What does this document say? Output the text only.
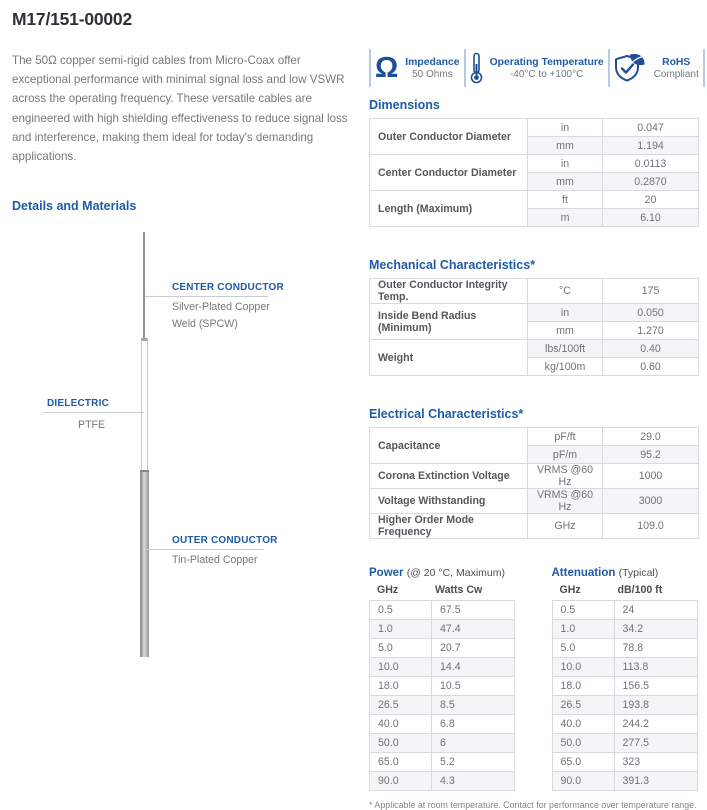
M17/151-00002

The 50Ω copper semi-rigid cables from Micro-Coax offer exceptional performance with minimal signal loss and low VSWR across the operating frequency. These versatile cables are engineered with high shielding effectiveness to reduce signal loss and interference, making them ideal for today's demanding applications.

Details and Materials
CENTER CONDUCTOR
Silver-Plated Copper Weld (SPCW)
DIELECTRIC
PTFE
OUTER CONDUCTOR
Tin-Plated Copper
Ω Impedance
50 Ohms
Operating Temperature
-40°C to +100°C
RoHS
Compliant
Dimensions
Outer Conductor Diameter	in	0.047
	mm	1.194
Center Conductor Diameter	in	0.0113
	mm	0.2870
Length (Maximum)	ft	20
	m	6.10
Mechanical Characteristics*
Outer Conductor Integrity Temp.	°C	175
Inside Bend Radius (Minimum)	in	0.050
	mm	1.270
Weight	lbs/100ft	0.40
	kg/100m	0.60
Electrical Characteristics*
Capacitance	pF/ft	29.0
	pF/m	95.2
Corona Extinction Voltage	VRMS @60 Hz	1000
Voltage Withstanding	VRMS @60 Hz	3000
Higher Order Mode Frequency	GHz	109.0
Power (@ 20 °C, Maximum)
GHz	Watts Cw
0.5	67.5
1.0	47.4
5.0	20.7
10.0	14.4
18.0	10.5
26.5	8.5
40.0	6.8
50.0	6
65.0	5.2
90.0	4.3
Attenuation (Typical)
GHz	dB/100 ft
0.5	24
1.0	34.2
5.0	78.8
10.0	113.8
18.0	156.5
26.5	193.8
40.0	244.2
50.0	277.5
65.0	323
90.0	391.3
* Applicable at room temperature. Contact for performance over temperature range.
